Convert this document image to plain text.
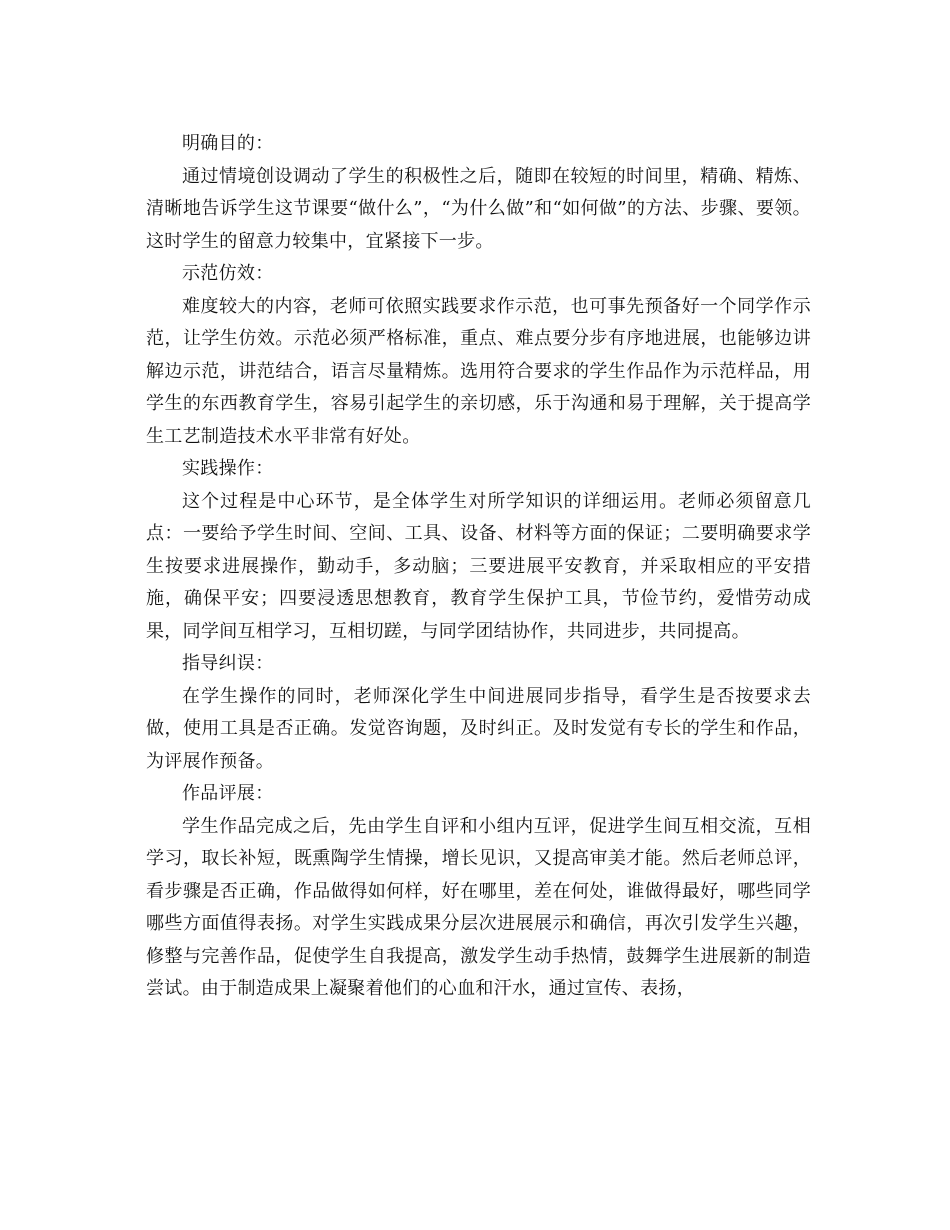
明确目的：

通过情境创设调动了学生的积极性之后，随即在较短的时间里，精确、精炼、清晰地告诉学生这节课要“做什么”，“为什么做”和“如何做”的方法、步骤、要领。这时学生的留意力较集中，宜紧接下一步。

示范仿效：

难度较大的内容，老师可依照实践要求作示范，也可事先预备好一个同学作示范，让学生仿效。示范必须严格标准，重点、难点要分步有序地进展，也能够边讲解边示范，讲范结合，语言尽量精炼。选用符合要求的学生作品作为示范样品，用学生的东西教育学生，容易引起学生的亲切感，乐于沟通和易于理解，关于提高学生工艺制造技术水平非常有好处。

实践操作：

这个过程是中心环节，是全体学生对所学知识的详细运用。老师必须留意几点：一要给予学生时间、空间、工具、设备、材料等方面的保证；二要明确要求学生按要求进展操作，勤动手，多动脑；三要进展平安教育，并采取相应的平安措施，确保平安；四要浸透思想教育，教育学生保护工具，节俭节约，爱惜劳动成果，同学间互相学习，互相切蹉，与同学团结协作，共同进步，共同提高。

指导纠误：

在学生操作的同时，老师深化学生中间进展同步指导，看学生是否按要求去做，使用工具是否正确。发觉咨询题，及时纠正。及时发觉有专长的学生和作品，为评展作预备。

作品评展：

学生作品完成之后，先由学生自评和小组内互评，促进学生间互相交流，互相学习，取长补短，既熏陶学生情操，增长见识，又提高审美才能。然后老师总评，看步骤是否正确，作品做得如何样，好在哪里，差在何处，谁做得最好，哪些同学哪些方面值得表扬。对学生实践成果分层次进展展示和确信，再次引发学生兴趣，修整与完善作品，促使学生自我提高，激发学生动手热情，鼓舞学生进展新的制造尝试。由于制造成果上凝聚着他们的心血和汗水，通过宣传、表扬，
